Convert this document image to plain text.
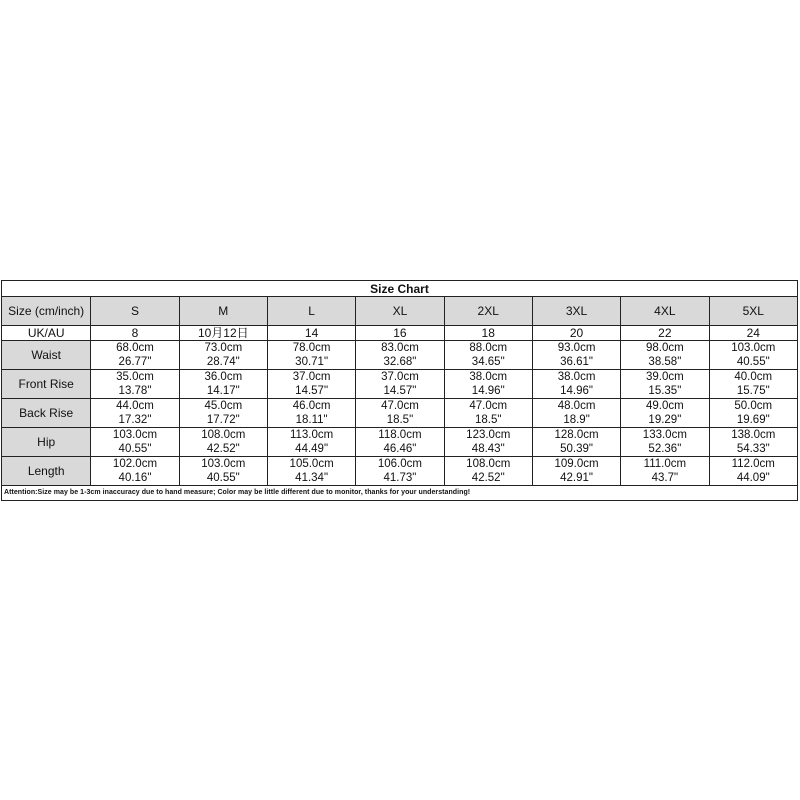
Size Chart								
Size (cm/inch)	S	M	L	XL	2XL	3XL	4XL	5XL
UK/AU	8	10月12日	14	16	18	20	22	24
Waist	68.0cm	73.0cm	78.0cm	83.0cm	88.0cm	93.0cm	98.0cm	103.0cm
	26.77"	28.74"	30.71"	32.68"	34.65"	36.61"	38.58"	40.55"
Front Rise	35.0cm	36.0cm	37.0cm	37.0cm	38.0cm	38.0cm	39.0cm	40.0cm
	13.78"	14.17"	14.57"	14.57"	14.96"	14.96"	15.35"	15.75"
Back Rise	44.0cm	45.0cm	46.0cm	47.0cm	47.0cm	48.0cm	49.0cm	50.0cm
	17.32"	17.72"	18.11"	18.5"	18.5"	18.9"	19.29"	19.69"
Hip	103.0cm	108.0cm	113.0cm	118.0cm	123.0cm	128.0cm	133.0cm	138.0cm
	40.55"	42.52"	44.49"	46.46"	48.43"	50.39"	52.36"	54.33"
Length	102.0cm	103.0cm	105.0cm	106.0cm	108.0cm	109.0cm	111.0cm	112.0cm
	40.16"	40.55"	41.34"	41.73"	42.52"	42.91"	43.7"	44.09"
Attention:Size may be 1-3cm inaccuracy due to hand measure; Color may be little different due to monitor, thanks for your understanding!								
